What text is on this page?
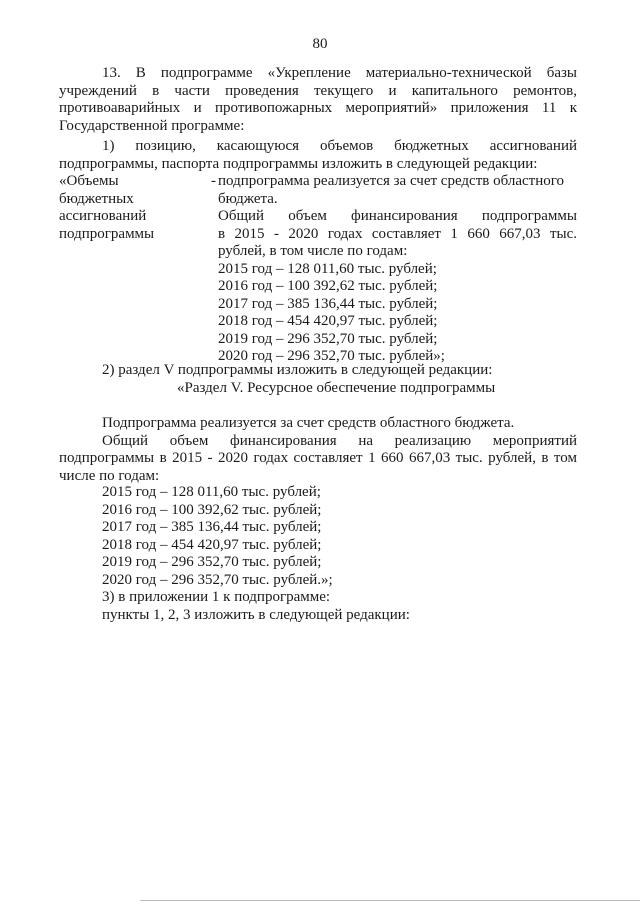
80
13. В подпрограмме «Укрепление материально-технической базы
учреждений в части проведения текущего и капитального ремонтов,
противоаварийных и противопожарных мероприятий» приложения 11 к
Государственной программе:
1) позицию, касающуюся объемов бюджетных ассигнований
подпрограммы, паспорта подпрограммы изложить в следующей редакции:
«Объемы
бюджетных
ассигнований
подпрограммы
- подпрограмма реализуется за счет средств областного
бюджета.
Общий объем финансирования подпрограммы
в 2015 - 2020 годах составляет 1 660 667,03 тыс.
рублей, в том числе по годам:
2015 год – 128 011,60 тыс. рублей;
2016 год – 100 392,62 тыс. рублей;
2017 год – 385 136,44 тыс. рублей;
2018 год – 454 420,97 тыс. рублей;
2019 год – 296 352,70 тыс. рублей;
2020 год – 296 352,70 тыс. рублей»;
2) раздел V подпрограммы изложить в следующей редакции:
«Раздел V. Ресурсное обеспечение подпрограммы
Подпрограмма реализуется за счет средств областного бюджета.
Общий объем финансирования на реализацию мероприятий
подпрограммы в 2015 - 2020 годах составляет 1 660 667,03 тыс. рублей, в том
числе по годам:
2015 год – 128 011,60 тыс. рублей;
2016 год – 100 392,62 тыс. рублей;
2017 год – 385 136,44 тыс. рублей;
2018 год – 454 420,97 тыс. рублей;
2019 год – 296 352,70 тыс. рублей;
2020 год – 296 352,70 тыс. рублей.»;
3) в приложении 1 к подпрограмме:
пункты 1, 2, 3 изложить в следующей редакции:
